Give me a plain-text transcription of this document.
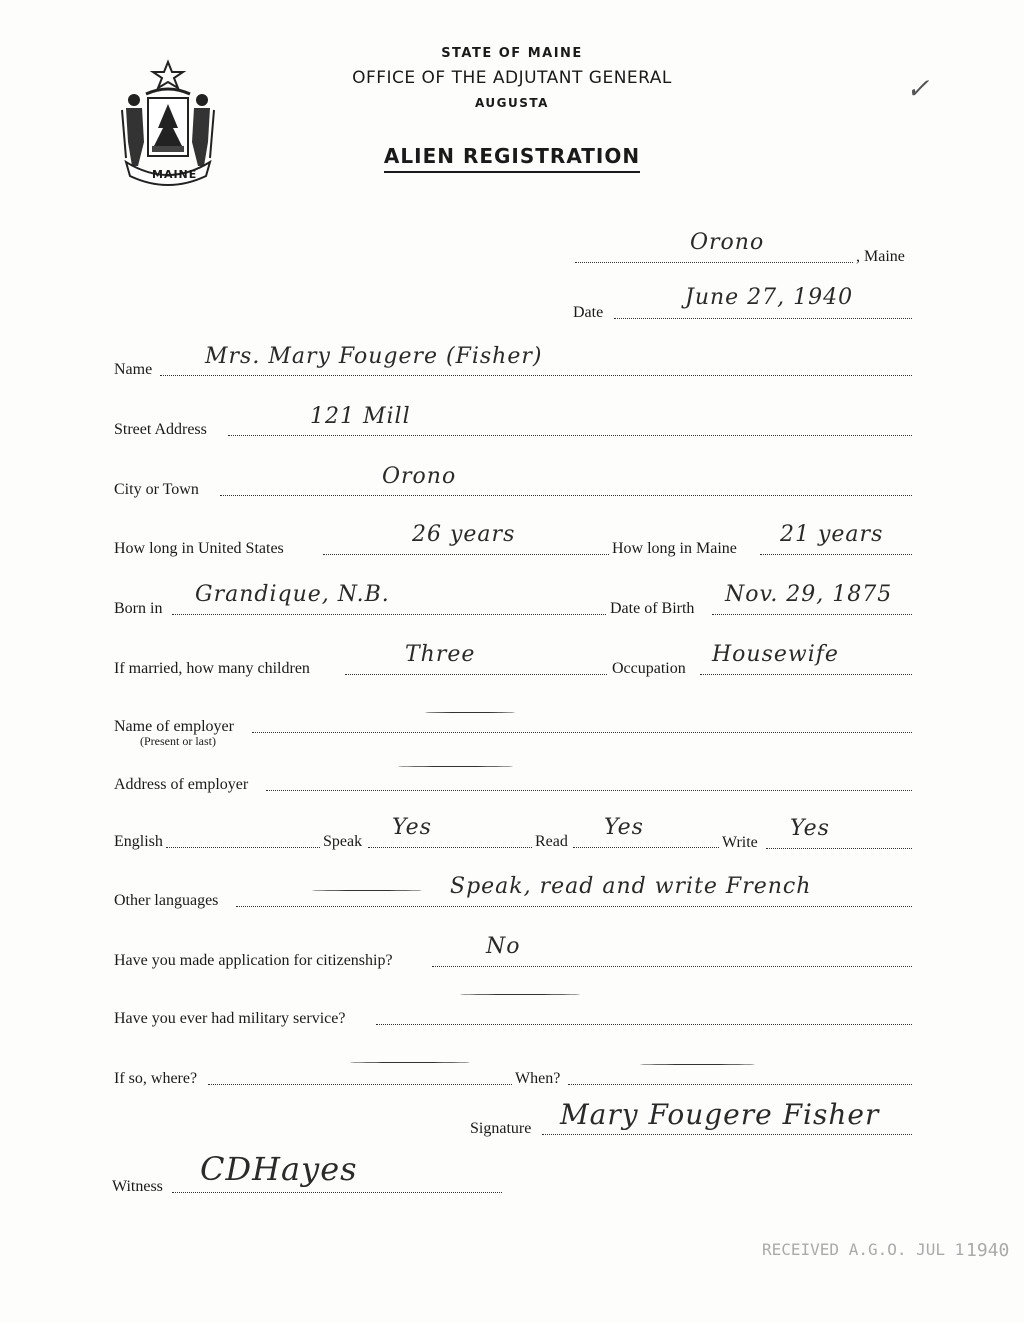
MAINE
STATE OF MAINE
OFFICE OF THE ADJUTANT GENERAL
AUGUSTA
ALIEN REGISTRATION
✓
Orono
, Maine
Date
June 27, 1940
Name
Mrs. Mary Fougere (Fisher)
Street Address
121 Mill
City or Town
Orono
How long in United States
26 years
How long in Maine
21 years
Born in
Grandique, N.B.
Date of Birth
Nov. 29, 1875
If married, how many children
Three
Occupation
Housewife
Name of employer
(Present or last)
Address of employer
English	Speak
Yes
Read
Yes
Write
Yes
Other languages
Speak, read and write French
Have you made application for citizenship?
No
Have you ever had military service?
If so, where?	When?
Signature Mary Fougere Fisher
Witness CDHayes
RECEIVED A.G.O. JUL 1 1940
